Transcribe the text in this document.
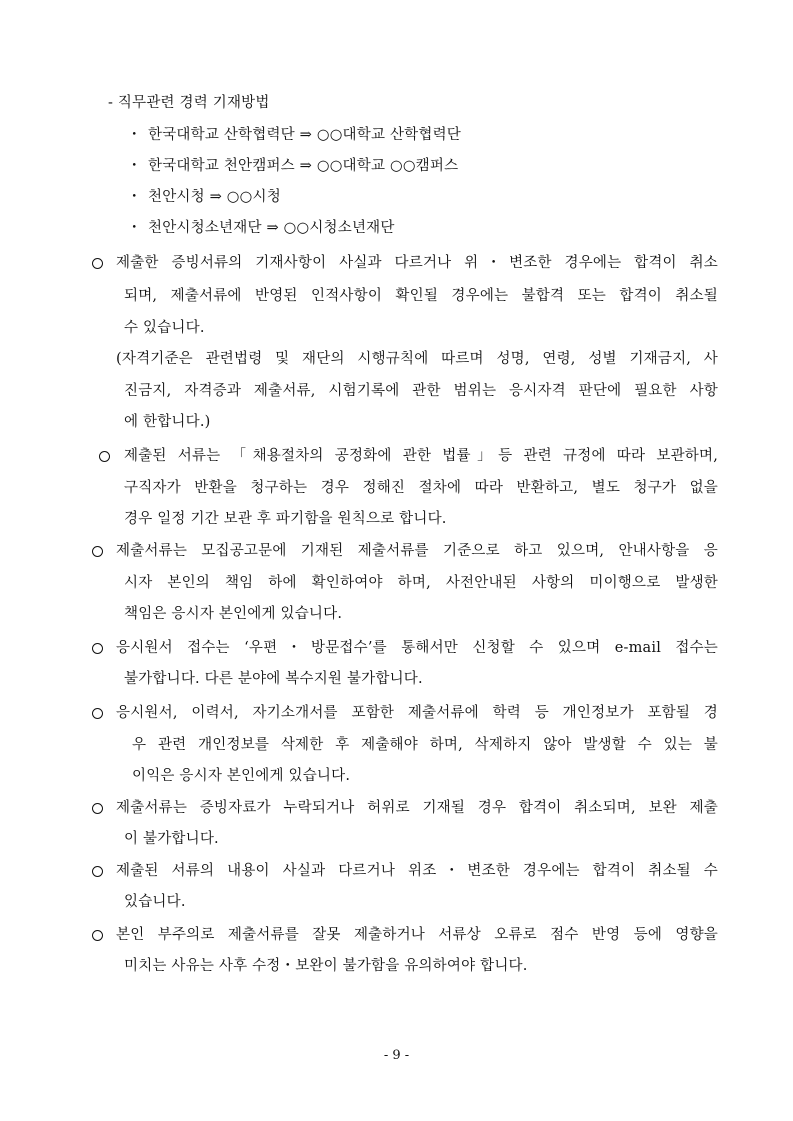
- 직무관련 경력 기재방법
・ 한국대학교 산학협력단 ⇒ ○○대학교 산학협력단
・ 한국대학교 천안캠퍼스 ⇒ ○○대학교 ○○캠퍼스
・ 천안시청 ⇒ ○○시청
・ 천안시청소년재단 ⇒ ○○시청소년재단
제출한 증빙서류의 기재사항이 사실과 다르거나 위・변조한 경우에는 합격이 취소
되며, 제출서류에 반영된 인적사항이 확인될 경우에는 불합격 또는 합격이 취소될
수 있습니다.
(자격기준은 관련법령 및 재단의 시행규칙에 따르며 성명, 연령, 성별 기재금지, 사
진금지, 자격증과 제출서류, 시험기록에 관한 범위는 응시자격 판단에 필요한 사항
에 한합니다.)
제출된 서류는 「채용절차의 공정화에 관한 법률」등 관련 규정에 따라 보관하며,
구직자가 반환을 청구하는 경우 정해진 절차에 따라 반환하고, 별도 청구가 없을
경우 일정 기간 보관 후 파기함을 원칙으로 합니다.
제출서류는 모집공고문에 기재된 제출서류를 기준으로 하고 있으며, 안내사항을 응
시자 본인의 책임 하에 확인하여야 하며, 사전안내된 사항의 미이행으로 발생한
책임은 응시자 본인에게 있습니다.
응시원서 접수는 ‘우편・방문접수’를 통해서만 신청할 수 있으며 e-mail 접수는
불가합니다. 다른 분야에 복수지원 불가합니다.
응시원서, 이력서, 자기소개서를 포함한 제출서류에 학력 등 개인정보가 포함될 경
우 관련 개인정보를 삭제한 후 제출해야 하며, 삭제하지 않아 발생할 수 있는 불
이익은 응시자 본인에게 있습니다.
제출서류는 증빙자료가 누락되거나 허위로 기재될 경우 합격이 취소되며, 보완 제출
이 불가합니다.
제출된 서류의 내용이 사실과 다르거나 위조・변조한 경우에는 합격이 취소될 수
있습니다.
본인 부주의로 제출서류를 잘못 제출하거나 서류상 오류로 점수 반영 등에 영향을
미치는 사유는 사후 수정・보완이 불가함을 유의하여야 합니다.
- 9 -
